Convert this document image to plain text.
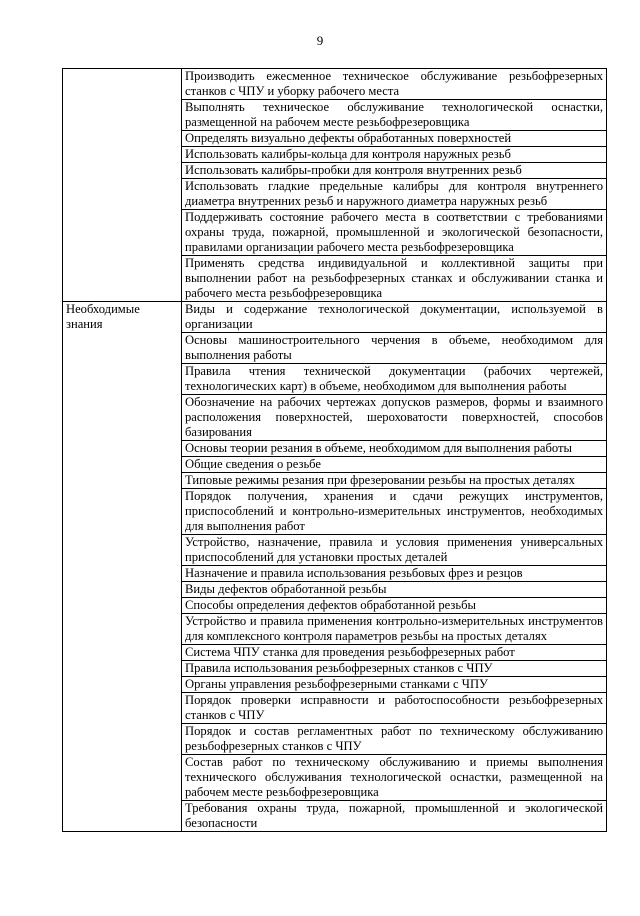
9
	Производить ежесменное техническое обслуживание резьбофрезерных станков с ЧПУ и уборку рабочего места
	Выполнять техническое обслуживание технологической оснастки, размещенной на рабочем месте резьбофрезеровщика
	Определять визуально дефекты обработанных поверхностей
	Использовать калибры-кольца для контроля наружных резьб
	Использовать калибры-пробки для контроля внутренних резьб
	Использовать гладкие предельные калибры для контроля внутреннего диаметра внутренних резьб и наружного диаметра наружных резьб
	Поддерживать состояние рабочего места в соответствии с требованиями охраны труда, пожарной, промышленной и экологической безопасности, правилами организации рабочего места резьбофрезеровщика
	Применять средства индивидуальной и коллективной защиты при выполнении работ на резьбофрезерных станках и обслуживании станка и рабочего места резьбофрезеровщика
Необходимые знания	Виды и содержание технологической документации, используемой в организации
	Основы машиностроительного черчения в объеме, необходимом для выполнения работы
	Правила чтения технической документации (рабочих чертежей, технологических карт) в объеме, необходимом для выполнения работы
	Обозначение на рабочих чертежах допусков размеров, формы и взаимного расположения поверхностей, шероховатости поверхностей, способов базирования
	Основы теории резания в объеме, необходимом для выполнения работы
	Общие сведения о резьбе
	Типовые режимы резания при фрезеровании резьбы на простых деталях
	Порядок получения, хранения и сдачи режущих инструментов, приспособлений и контрольно-измерительных инструментов, необходимых для выполнения работ
	Устройство, назначение, правила и условия применения универсальных приспособлений для установки простых деталей
	Назначение и правила использования резьбовых фрез и резцов
	Виды дефектов обработанной резьбы
	Способы определения дефектов обработанной резьбы
	Устройство и правила применения контрольно-измерительных инструментов для комплексного контроля параметров резьбы на простых деталях
	Система ЧПУ станка для проведения резьбофрезерных работ
	Правила использования резьбофрезерных станков с ЧПУ
	Органы управления резьбофрезерными станками с ЧПУ
	Порядок проверки исправности и работоспособности резьбофрезерных станков с ЧПУ
	Порядок и состав регламентных работ по техническому обслуживанию резьбофрезерных станков с ЧПУ
	Состав работ по техническому обслуживанию и приемы выполнения технического обслуживания технологической оснастки, размещенной на рабочем месте резьбофрезеровщика
	Требования охраны труда, пожарной, промышленной и экологической безопасности
